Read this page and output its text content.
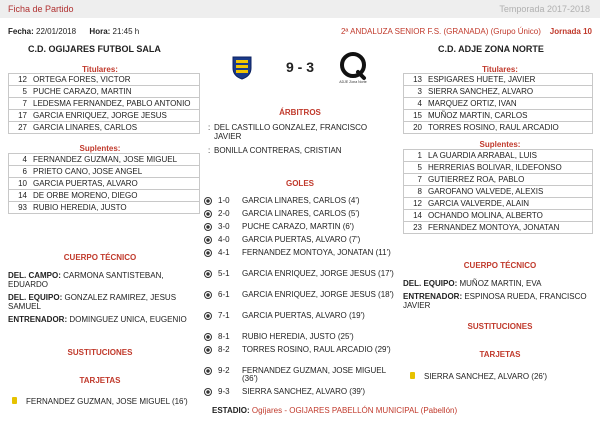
Ficha de Partido	Temporada 2017-2018
Fecha: 22/01/2018 Hora: 21:45 h	2ª ANDALUZA SENIOR F.S. (GRANADA) (Grupo Único) Jornada 10
C.D. OGIJARES FUTBOL SALA	C.D. ADJE ZONA NORTE
9 - 3
ADJE Zona Norte
Titulares:
12 ORTEGA FORES, VICTOR
5 PUCHE CARAZO, MARTIN
7 LEDESMA FERNANDEZ, PABLO ANTONIO
17 GARCIA ENRIQUEZ, JORGE JESUS
27 GARCIA LINARES, CARLOS
Suplentes:
4 FERNANDEZ GUZMAN, JOSE MIGUEL
6 PRIETO CANO, JOSE ANGEL
10 GARCIA PUERTAS, ALVARO
14 DE ORBE MORENO, DIEGO
93 RUBIO HEREDIA, JUSTO
CUERPO TÉCNICO
DEL. CAMPO: CARMONA SANTISTEBAN, EDUARDO
DEL. EQUIPO: GONZALEZ RAMIREZ, JESUS SAMUEL
ENTRENADOR: DOMINGUEZ UNICA, EUGENIO
SUSTITUCIONES
TARJETAS
FERNANDEZ GUZMAN, JOSE MIGUEL (16')
ÁRBITROS
: DEL CASTILLO GONZALEZ, FRANCISCO JAVIER
: BONILLA CONTRERAS, CRISTIAN
GOLES
1-0 GARCIA LINARES, CARLOS (4')
2-0 GARCIA LINARES, CARLOS (5')
3-0 PUCHE CARAZO, MARTIN (6')
4-0 GARCIA PUERTAS, ALVARO (7')
4-1 FERNANDEZ MONTOYA, JONATAN (11')
5-1 GARCIA ENRIQUEZ, JORGE JESUS (17')
6-1 GARCIA ENRIQUEZ, JORGE JESUS (18')
7-1 GARCIA PUERTAS, ALVARO (19')
8-1 RUBIO HEREDIA, JUSTO (25')
8-2 TORRES ROSINO, RAUL ARCADIO (29')
9-2 FERNANDEZ GUZMAN, JOSE MIGUEL (36')
9-3 SIERRA SANCHEZ, ALVARO (39')
ESTADIO: Ogíjares - OGIJARES PABELLÓN MUNICIPAL (Pabellón)
Titulares:
13 ESPIGARES HUETE, JAVIER
3 SIERRA SANCHEZ, ALVARO
4 MARQUEZ ORTIZ, IVAN
15 MUÑOZ MARTIN, CARLOS
20 TORRES ROSINO, RAUL ARCADIO
Suplentes:
1 LA GUARDIA ARRABAL, LUIS
5 HERRERIAS BOLIVAR, ILDEFONSO
7 GUTIERREZ ROA, PABLO
8 GAROFANO VALVEDE, ALEXIS
12 GARCIA VALVERDE, ALAIN
14 OCHANDO MOLINA, ALBERTO
23 FERNANDEZ MONTOYA, JONATAN
CUERPO TÉCNICO
DEL. EQUIPO: MUÑOZ MARTIN, EVA
ENTRENADOR: ESPINOSA RUEDA, FRANCISCO JAVIER
SUSTITUCIONES
TARJETAS
SIERRA SANCHEZ, ALVARO (26')
